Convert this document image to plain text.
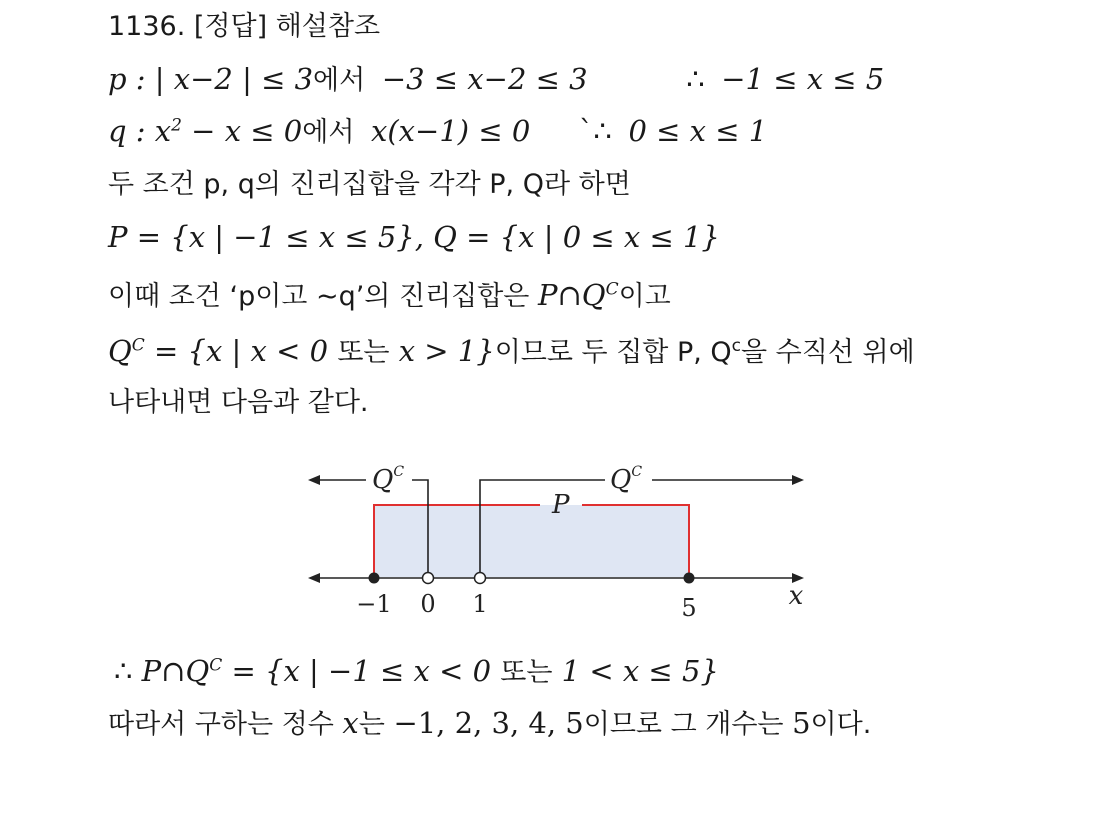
1136. [정답] 해설참조
p : | x−2 | ≤ 3에서 −3 ≤ x−2 ≤ 3	∴ −1 ≤ x ≤ 5
q : $x^2 - x \le 0$에서 x(x−1) ≤ 0 `∴ 0 ≤ x ≤ 1
두 조건 p, q의 진리집합을 각각 P, Q라 하면
P = {x | −1 ≤ x ≤ 5}, Q = {x | 0 ≤ x ≤ 1}
이때 조건 ‘p이고 ∼q’의 진리집합은 $P\cap Q^C$이고
$Q^C = \{x$ | x < 0 또는 x > 1}이므로 두 집합 P, $Q^c$을 수직선 위에
나타내면 다음과 같다.
P
$Q^C$	$Q^C$
−1 0 1	5	x
∴ $P\cap Q^C = \{x$ | −1 ≤ x < 0 또는 1 < x ≤ 5}
따라서 구하는 정수 x는 −1, 2, 3, 4, 5이므로 그 개수는 5이다.
